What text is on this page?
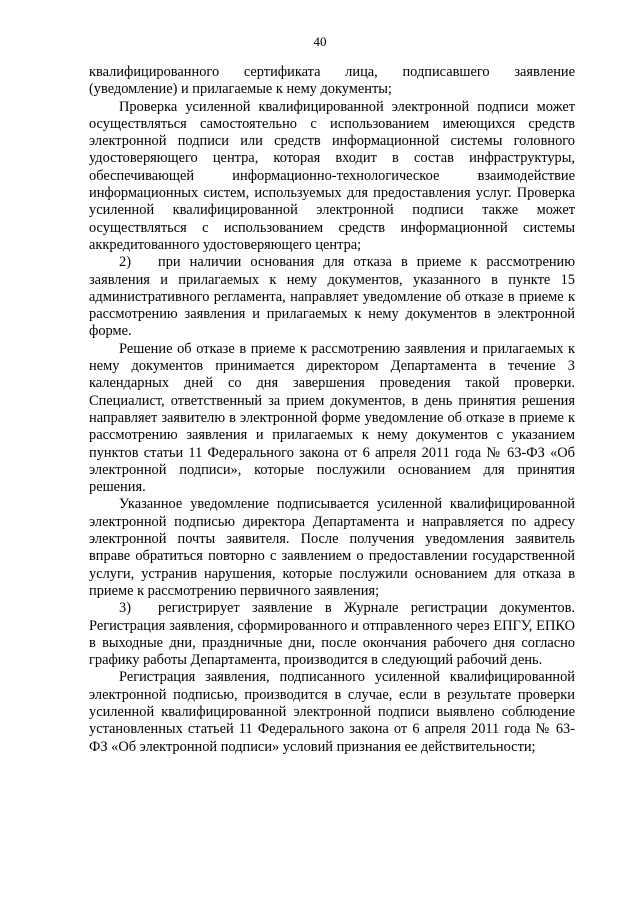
40

квалифицированного сертификата лица, подписавшего заявление (уведомление) и прилагаемые к нему документы;

Проверка усиленной квалифицированной электронной подписи может осуществляться самостоятельно с использованием имеющихся средств электронной подписи или средств информационной системы головного удостоверяющего центра, которая входит в состав инфраструктуры, обеспечивающей информационно-технологическое взаимодействие информационных систем, используемых для предоставления услуг. Проверка усиленной квалифицированной электронной подписи также может осуществляться с использованием средств информационной системы аккредитованного удостоверяющего центра;

2) при наличии основания для отказа в приеме к рассмотрению заявления и прилагаемых к нему документов, указанного в пункте 15 административного регламента, направляет уведомление об отказе в приеме к рассмотрению заявления и прилагаемых к нему документов в электронной форме.

Решение об отказе в приеме к рассмотрению заявления и прилагаемых к нему документов принимается директором Департамента в течение 3 календарных дней со дня завершения проведения такой проверки. Специалист, ответственный за прием документов, в день принятия решения направляет заявителю в электронной форме уведомление об отказе в приеме к рассмотрению заявления и прилагаемых к нему документов с указанием пунктов статьи 11 Федерального закона от 6 апреля 2011 года № 63-ФЗ «Об электронной подписи», которые послужили основанием для принятия решения.

Указанное уведомление подписывается усиленной квалифицированной электронной подписью директора Департамента и направляется по адресу электронной почты заявителя. После получения уведомления заявитель вправе обратиться повторно с заявлением о предоставлении государственной услуги, устранив нарушения, которые послужили основанием для отказа в приеме к рассмотрению первичного заявления;

3) регистрирует заявление в Журнале регистрации документов. Регистрация заявления, сформированного и отправленного через ЕПГУ, ЕПКО в выходные дни, праздничные дни, после окончания рабочего дня согласно графику работы Департамента, производится в следующий рабочий день.

Регистрация заявления, подписанного усиленной квалифицированной электронной подписью, производится в случае, если в результате проверки усиленной квалифицированной электронной подписи выявлено соблюдение установленных статьей 11 Федерального закона от 6 апреля 2011 года № 63-ФЗ «Об электронной подписи» условий признания ее действительности;
